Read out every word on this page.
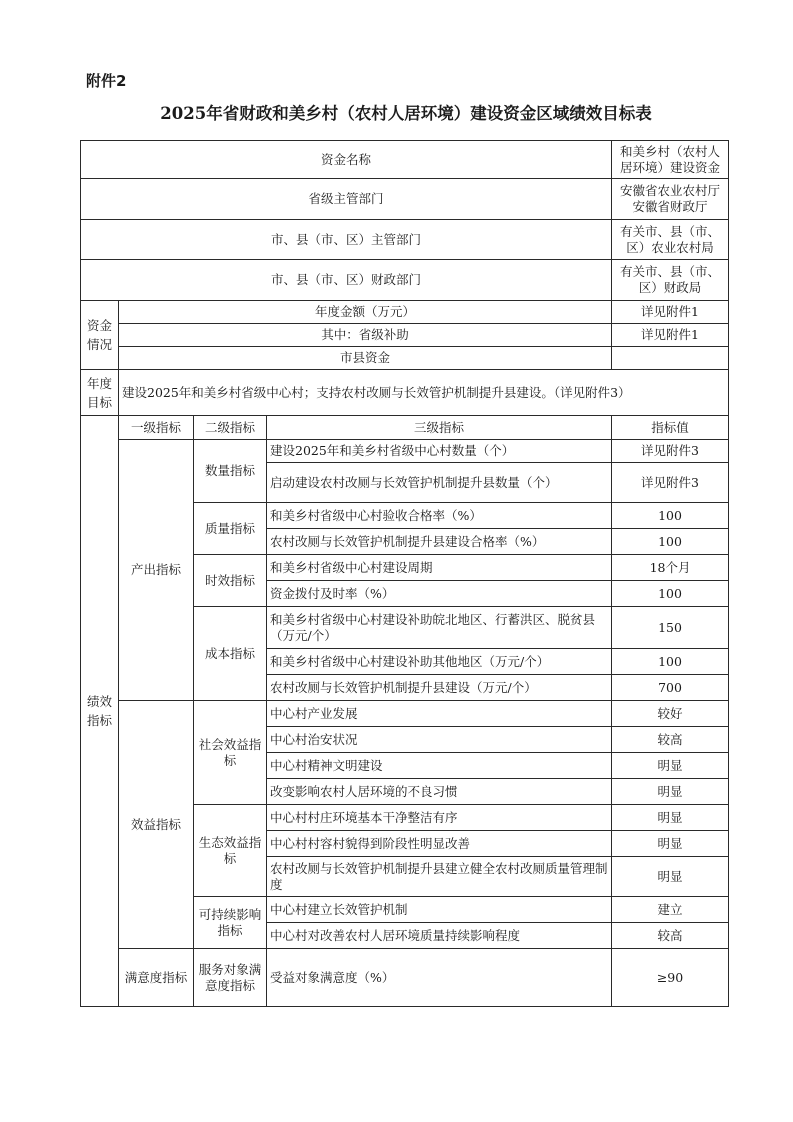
附件2
2025年省财政和美乡村（农村人居环境）建设资金区域绩效目标表
资金名称				和美乡村（农村人居环境）建设资金
省级主管部门				安徽省农业农村厅安徽省财政厅
市、县（市、区）主管部门				有关市、县（市、区）农业农村局
市、县（市、区）财政部门				有关市、县（市、区）财政局
资金情况	年度金额（万元）			详见附件1
	其中：省级补助			详见附件1
	市县资金			
年度目标	建设2025年和美乡村省级中心村；支持农村改厕与长效管护机制提升县建设。（详见附件3）			
绩效指标	一级指标	二级指标	三级指标	指标值
	产出指标	数量指标	建设2025年和美乡村省级中心村数量（个）	详见附件3
			启动建设农村改厕与长效管护机制提升县数量（个）	详见附件3
		质量指标	和美乡村省级中心村验收合格率（%）	100
			农村改厕与长效管护机制提升县建设合格率（%）	100
		时效指标	和美乡村省级中心村建设周期	18个月
			资金拨付及时率（%）	100
		成本指标	和美乡村省级中心村建设补助皖北地区、行蓄洪区、脱贫县（万元/个）	150
			和美乡村省级中心村建设补助其他地区（万元/个）	100
			农村改厕与长效管护机制提升县建设（万元/个）	700
	效益指标	社会效益指标	中心村产业发展	较好
			中心村治安状况	较高
			中心村精神文明建设	明显
			改变影响农村人居环境的不良习惯	明显
		生态效益指标	中心村村庄环境基本干净整洁有序	明显
			中心村村容村貌得到阶段性明显改善	明显
			农村改厕与长效管护机制提升县建立健全农村改厕质量管理制度	明显
		可持续影响指标	中心村建立长效管护机制	建立
			中心村对改善农村人居环境质量持续影响程度	较高
	满意度指标	服务对象满意度指标	受益对象满意度（%）	≥90
